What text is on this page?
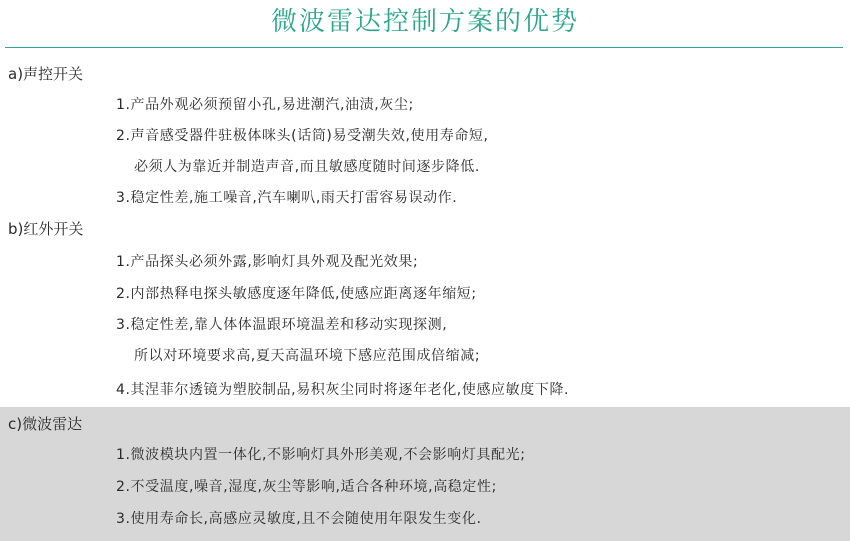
微波雷达控制方案的优势
a)声控开关
1.产品外观必须预留小孔,易进潮汽,油渍,灰尘;
2.声音感受器件驻极体咪头(话筒)易受潮失效,使用寿命短,
必须人为靠近并制造声音,而且敏感度随时间逐步降低.
3.稳定性差,施工噪音,汽车喇叭,雨天打雷容易误动作.
b)红外开关
1.产品探头必须外露,影响灯具外观及配光效果;
2.内部热释电探头敏感度逐年降低,使感应距离逐年缩短;
3.稳定性差,靠人体体温跟环境温差和移动实现探测,
所以对环境要求高,夏天高温环境下感应范围成倍缩减;
4.其涅菲尔透镜为塑胶制品,易积灰尘同时将逐年老化,使感应敏度下降.
c)微波雷达
1.微波模块内置一体化,不影响灯具外形美观,不会影响灯具配光;
2.不受温度,噪音,湿度,灰尘等影响,适合各种环境,高稳定性;
3.使用寿命长,高感应灵敏度,且不会随使用年限发生变化.
